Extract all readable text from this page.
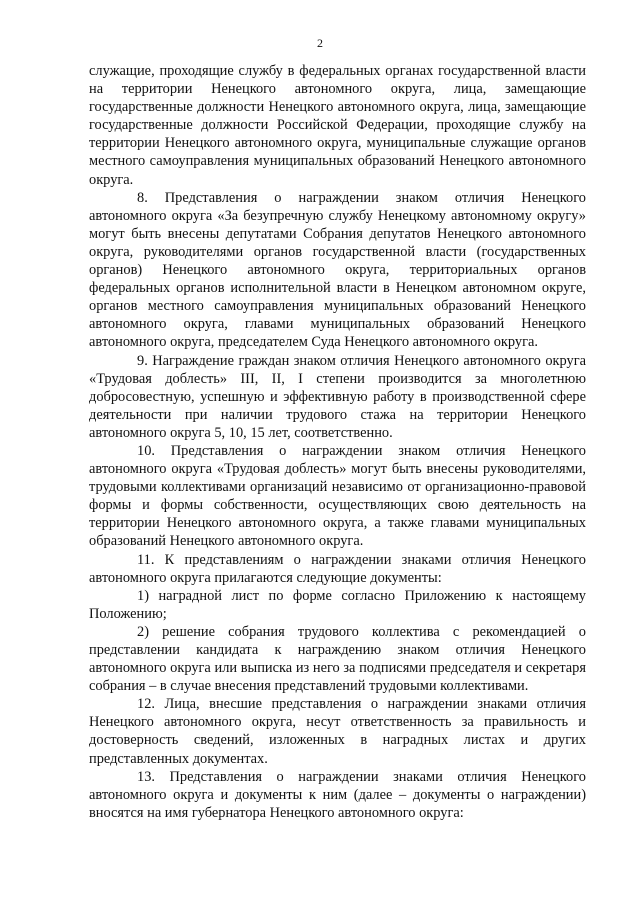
2

служащие, проходящие службу в федеральных органах государственной власти на территории Ненецкого автономного округа, лица, замещающие государственные должности Ненецкого автономного округа, лица, замещающие государственные должности Российской Федерации, проходящие службу на территории Ненецкого автономного округа, муниципальные служащие органов местного самоуправления муниципальных образований Ненецкого автономного округа.

8. Представления о награждении знаком отличия Ненецкого автономного округа «За безупречную службу Ненецкому автономному округу» могут быть внесены депутатами Собрания депутатов Ненецкого автономного округа, руководителями органов государственной власти (государственных органов) Ненецкого автономного округа, территориальных органов федеральных органов исполнительной власти в Ненецком автономном округе, органов местного самоуправления муниципальных образований Ненецкого автономного округа, главами муниципальных образований Ненецкого автономного округа, председателем Суда Ненецкого автономного округа.

9. Награждение граждан знаком отличия Ненецкого автономного округа «Трудовая доблесть» III, II, I степени производится за многолетнюю добросовестную, успешную и эффективную работу в производственной сфере деятельности при наличии трудового стажа на территории Ненецкого автономного округа 5, 10, 15 лет, соответственно.

10. Представления о награждении знаком отличия Ненецкого автономного округа «Трудовая доблесть» могут быть внесены руководителями, трудовыми коллективами организаций независимо от организационно-правовой формы и формы собственности, осуществляющих свою деятельность на территории Ненецкого автономного округа, а также главами муниципальных образований Ненецкого автономного округа.

11. К представлениям о награждении знаками отличия Ненецкого автономного округа прилагаются следующие документы:

1) наградной лист по форме согласно Приложению к настоящему Положению;

2) решение собрания трудового коллектива с рекомендацией о представлении кандидата к награждению знаком отличия Ненецкого автономного округа или выписка из него за подписями председателя и секретаря собрания – в случае внесения представлений трудовыми коллективами.

12. Лица, внесшие представления о награждении знаками отличия Ненецкого автономного округа, несут ответственность за правильность и достоверность сведений, изложенных в наградных листах и других представленных документах.

13. Представления о награждении знаками отличия Ненецкого автономного округа и документы к ним (далее – документы о награждении) вносятся на имя губернатора Ненецкого автономного округа:
